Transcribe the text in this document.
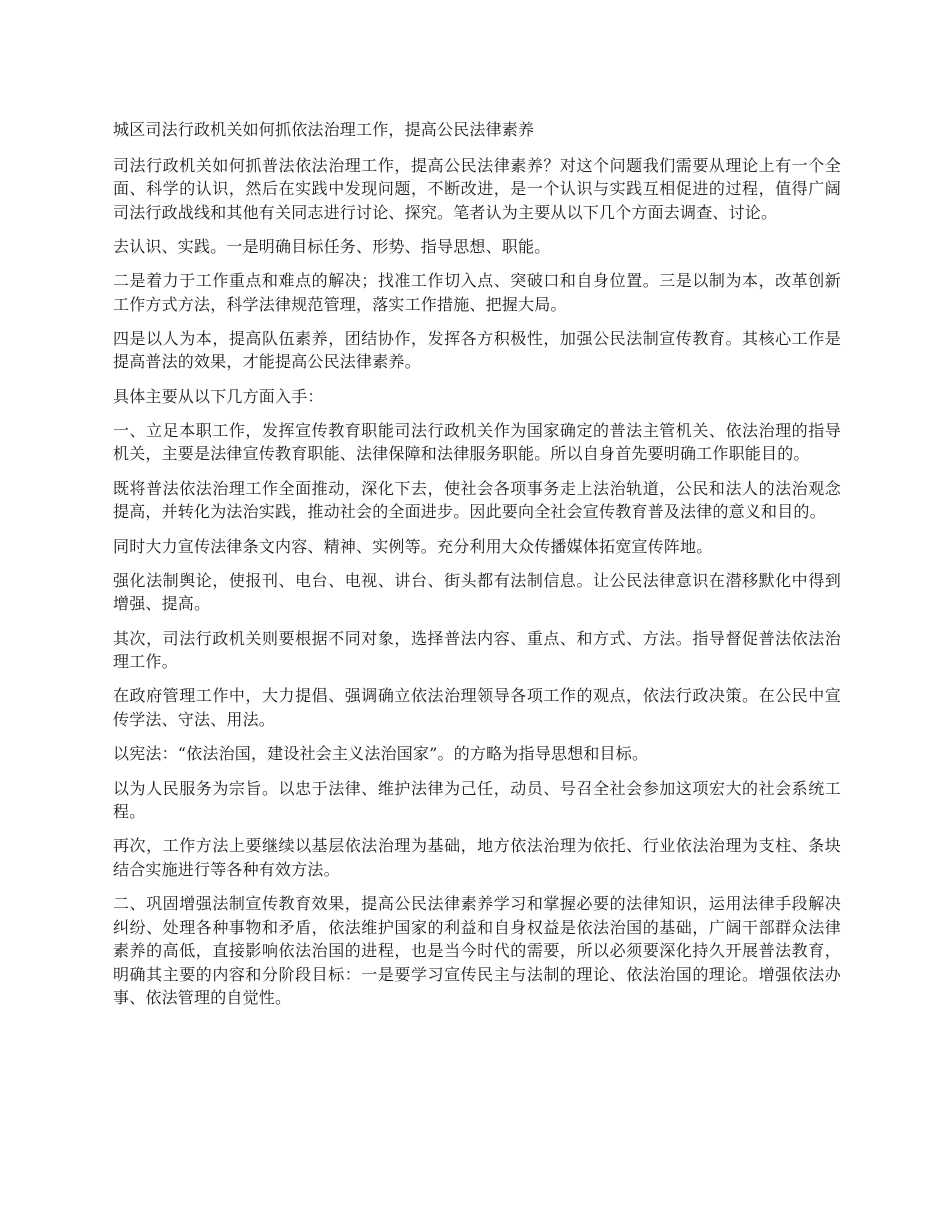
城区司法行政机关如何抓依法治理工作，提高公民法律素养
司法行政机关如何抓普法依法治理工作，提高公民法律素养？对这个问题我们需要从理论上有一个全面、科学的认识，然后在实践中发现问题，不断改进，是一个认识与实践互相促进的过程，值得广阔司法行政战线和其他有关同志进行讨论、探究。笔者认为主要从以下几个方面去调查、讨论。
去认识、实践。一是明确目标任务、形势、指导思想、职能。
二是着力于工作重点和难点的解决；找准工作切入点、突破口和自身位置。三是以制为本，改革创新工作方式方法，科学法律规范管理，落实工作措施、把握大局。
四是以人为本，提高队伍素养，团结协作，发挥各方积极性，加强公民法制宣传教育。其核心工作是提高普法的效果，才能提高公民法律素养。
具体主要从以下几方面入手：
一、立足本职工作，发挥宣传教育职能司法行政机关作为国家确定的普法主管机关、依法治理的指导机关，主要是法律宣传教育职能、法律保障和法律服务职能。所以自身首先要明确工作职能目的。
既将普法依法治理工作全面推动，深化下去，使社会各项事务走上法治轨道，公民和法人的法治观念提高，并转化为法治实践，推动社会的全面进步。因此要向全社会宣传教育普及法律的意义和目的。
同时大力宣传法律条文内容、精神、实例等。充分利用大众传播媒体拓宽宣传阵地。
强化法制舆论，使报刊、电台、电视、讲台、街头都有法制信息。让公民法律意识在潜移默化中得到增强、提高。
其次，司法行政机关则要根据不同对象，选择普法内容、重点、和方式、方法。指导督促普法依法治理工作。
在政府管理工作中，大力提倡、强调确立依法治理领导各项工作的观点，依法行政决策。在公民中宣传学法、守法、用法。
以宪法：“依法治国，建设社会主义法治国家”。的方略为指导思想和目标。
以为人民服务为宗旨。以忠于法律、维护法律为己任，动员、号召全社会参加这项宏大的社会系统工程。
再次，工作方法上要继续以基层依法治理为基础，地方依法治理为依托、行业依法治理为支柱、条块结合实施进行等各种有效方法。
二、巩固增强法制宣传教育效果，提高公民法律素养学习和掌握必要的法律知识，运用法律手段解决纠纷、处理各种事物和矛盾，依法维护国家的利益和自身权益是依法治国的基础，广阔干部群众法律素养的高低，直接影响依法治国的进程，也是当今时代的需要，所以必须要深化持久开展普法教育，明确其主要的内容和分阶段目标：一是要学习宣传民主与法制的理论、依法治国的理论。增强依法办事、依法管理的自觉性。
